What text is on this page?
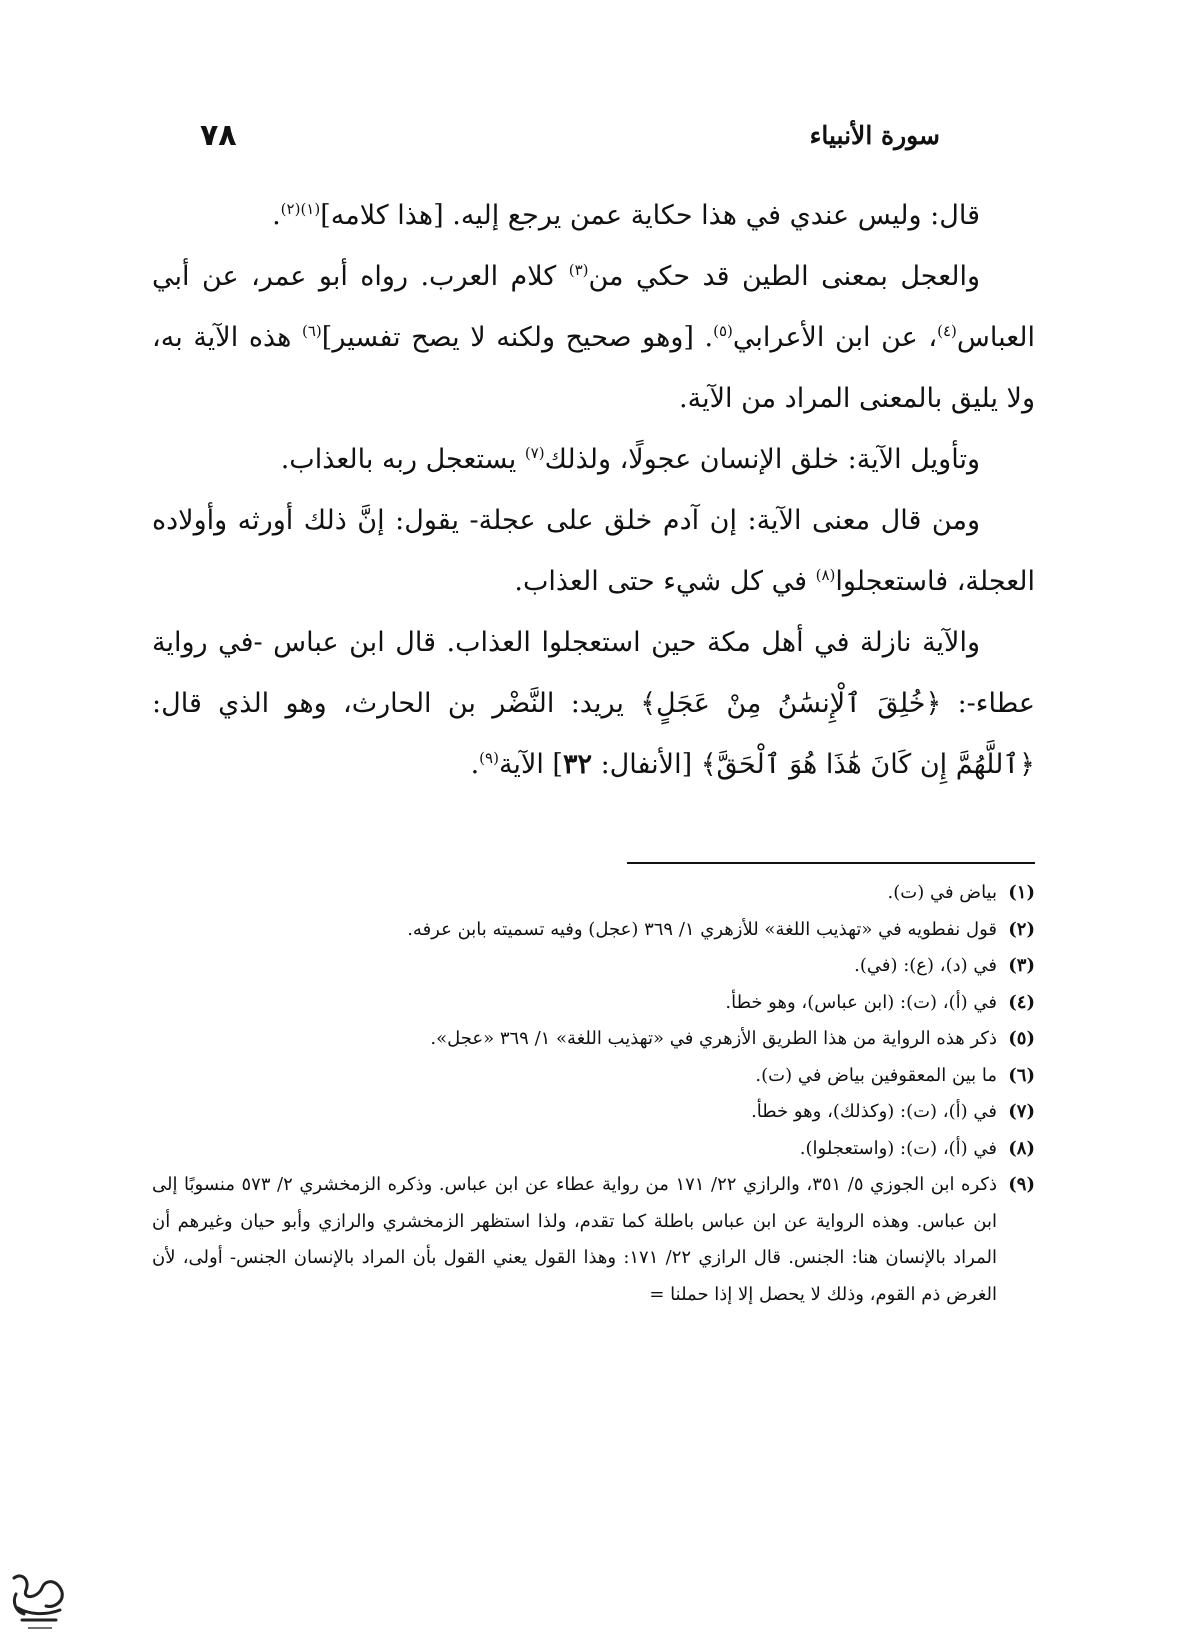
سورة الأنبياء
٧٨

قال: وليس عندي في هذا حكاية عمن يرجع إليه. [هذا كلامه]$^{(١)(٢)}$.

والعجل بمعنى الطين قد حكي من$^{(٣)}$ كلام العرب. رواه أبو عمر، عن أبي العباس$^{(٤)}$، عن ابن الأعرابي$^{(٥)}$. [وهو صحيح ولكنه لا يصح تفسير]$^{(٦)}$ هذه الآية به، ولا يليق بالمعنى المراد من الآية.

وتأويل الآية: خلق الإنسان عجولًا، ولذلك$^{(٧)}$ يستعجل ربه بالعذاب.

ومن قال معنى الآية: إن آدم خلق على عجلة- يقول: إنَّ ذلك أورثه وأولاده العجلة، فاستعجلوا$^{(٨)}$ في كل شيء حتى العذاب.

والآية نازلة في أهل مكة حين استعجلوا العذاب. قال ابن عباس -في رواية عطاء-: ﴿خُلِقَ ٱلْإِنسَٰنُ مِنْ عَجَلٍ﴾ يريد: النَّضْر بن الحارث، وهو الذي قال: ﴿ٱللَّهُمَّ إِن كَانَ هَٰذَا هُوَ ٱلْحَقَّ﴾ [الأنفال: ٣٢] الآية$^{(٩)}$.

(١)
بياض في (ت).
(٢)
قول نفطويه في «تهذيب اللغة» للأزهري ١/ ٣٦٩ (عجل) وفيه تسميته بابن عرفه.
(٣)
في (د)، (ع): (في).
(٤)
في (أ)، (ت): (ابن عباس)، وهو خطأ.
(٥)
ذكر هذه الرواية من هذا الطريق الأزهري في «تهذيب اللغة» ١/ ٣٦٩ «عجل».
(٦)
ما بين المعقوفين بياض في (ت).
(٧)
في (أ)، (ت): (وكذلك)، وهو خطأ.
(٨)
في (أ)، (ت): (واستعجلوا).
(٩)
ذكره ابن الجوزي ٥/ ٣٥١، والرازي ٢٢/ ١٧١ من رواية عطاء عن ابن عباس. وذكره الزمخشري ٢/ ٥٧٣ منسوبًا إلى ابن عباس. وهذه الرواية عن ابن عباس باطلة كما تقدم، ولذا استظهر الزمخشري والرازي وأبو حيان وغيرهم أن المراد بالإنسان هنا: الجنس. قال الرازي ٢٢/ ١٧١: وهذا القول يعني القول بأن المراد بالإنسان الجنس- أولى، لأن الغرض ذم القوم، وذلك لا يحصل إلا إذا حملنا =
